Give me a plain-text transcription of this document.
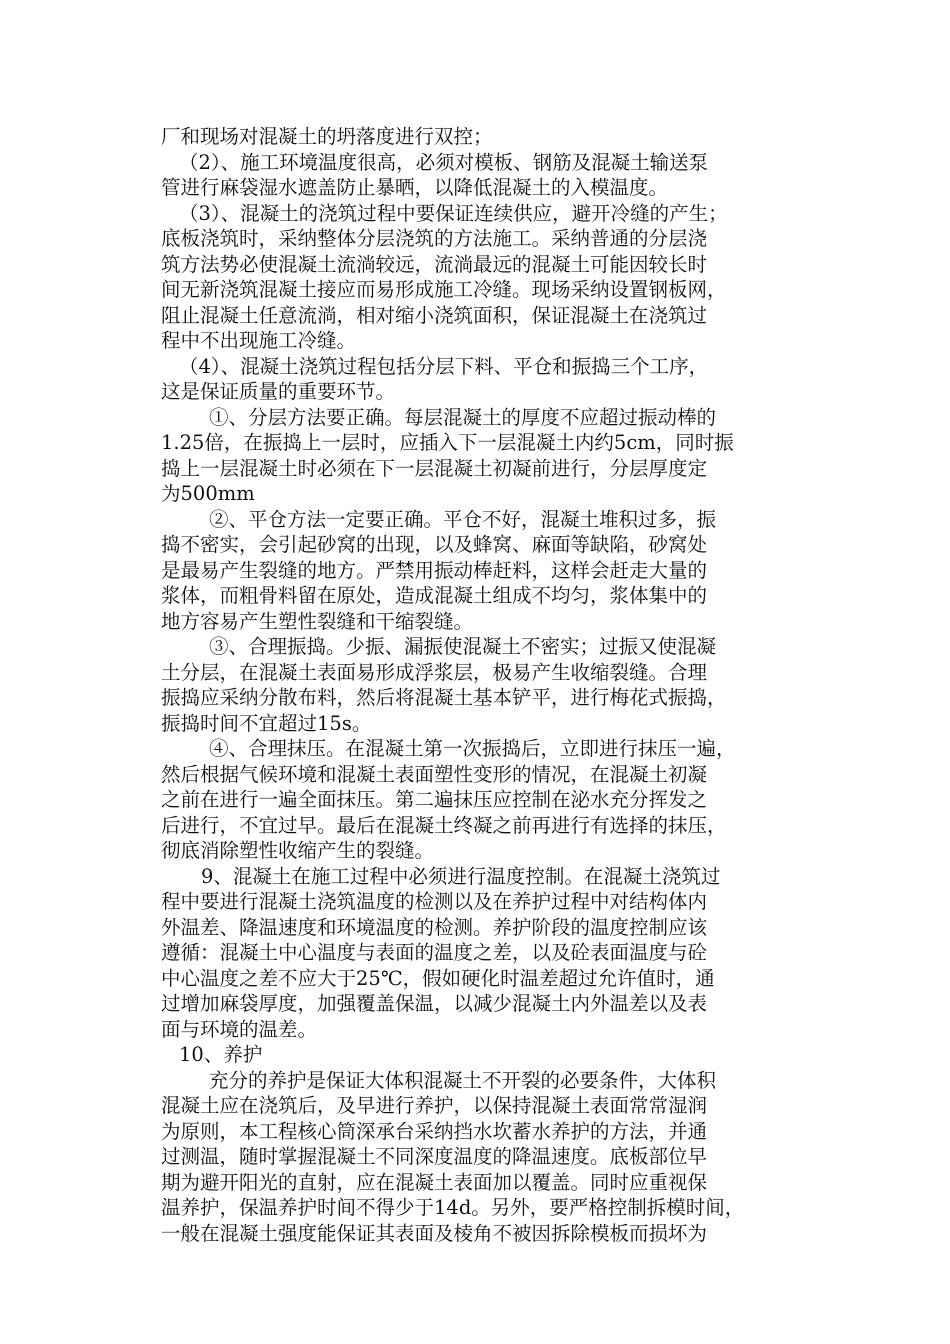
厂和现场对混凝土的坍落度进行双控；
（2）、施工环境温度很高，必须对模板、钢筋及混凝土输送泵
管进行麻袋湿水遮盖防止暴晒，以降低混凝土的入模温度。
（3）、混凝土的浇筑过程中要保证连续供应，避开冷缝的产生；
底板浇筑时，采纳整体分层浇筑的方法施工。采纳普通的分层浇
筑方法势必使混凝土流淌较远，流淌最远的混凝土可能因较长时
间无新浇筑混凝土接应而易形成施工冷缝。现场采纳设置钢板网，
阻止混凝土任意流淌，相对缩小浇筑面积，保证混凝土在浇筑过
程中不出现施工冷缝。
（4）、混凝土浇筑过程包括分层下料、平仓和振捣三个工序，
这是保证质量的重要环节。
①、分层方法要正确。每层混凝土的厚度不应超过振动棒的
1.25倍，在振捣上一层时，应插入下一层混凝土内约5cm，同时振
捣上一层混凝土时必须在下一层混凝土初凝前进行，分层厚度定
为500mm
②、平仓方法一定要正确。平仓不好，混凝土堆积过多，振
捣不密实，会引起砂窝的出现，以及蜂窝、麻面等缺陷，砂窝处
是最易产生裂缝的地方。严禁用振动棒赶料，这样会赶走大量的
浆体，而粗骨料留在原处，造成混凝土组成不均匀，浆体集中的
地方容易产生塑性裂缝和干缩裂缝。
③、合理振捣。少振、漏振使混凝土不密实；过振又使混凝
土分层，在混凝土表面易形成浮浆层，极易产生收缩裂缝。合理
振捣应采纳分散布料，然后将混凝土基本铲平，进行梅花式振捣，
振捣时间不宜超过15s。
④、合理抹压。在混凝土第一次振捣后，立即进行抹压一遍，
然后根据气候环境和混凝土表面塑性变形的情况，在混凝土初凝
之前在进行一遍全面抹压。第二遍抹压应控制在泌水充分挥发之
后进行，不宜过早。最后在混凝土终凝之前再进行有选择的抹压，
彻底消除塑性收缩产生的裂缝。
9、混凝土在施工过程中必须进行温度控制。在混凝土浇筑过
程中要进行混凝土浇筑温度的检测以及在养护过程中对结构体内
外温差、降温速度和环境温度的检测。养护阶段的温度控制应该
遵循：混凝土中心温度与表面的温度之差，以及砼表面温度与砼
中心温度之差不应大于25℃，假如硬化时温差超过允许值时，通
过增加麻袋厚度，加强覆盖保温，以减少混凝土内外温差以及表
面与环境的温差。
10、养护
充分的养护是保证大体积混凝土不开裂的必要条件，大体积
混凝土应在浇筑后，及早进行养护，以保持混凝土表面常常湿润
为原则，本工程核心筒深承台采纳挡水坎蓄水养护的方法，并通
过测温，随时掌握混凝土不同深度温度的降温速度。底板部位早
期为避开阳光的直射，应在混凝土表面加以覆盖。同时应重视保
温养护，保温养护时间不得少于14d。另外，要严格控制拆模时间，
一般在混凝土强度能保证其表面及棱角不被因拆除模板而损坏为
